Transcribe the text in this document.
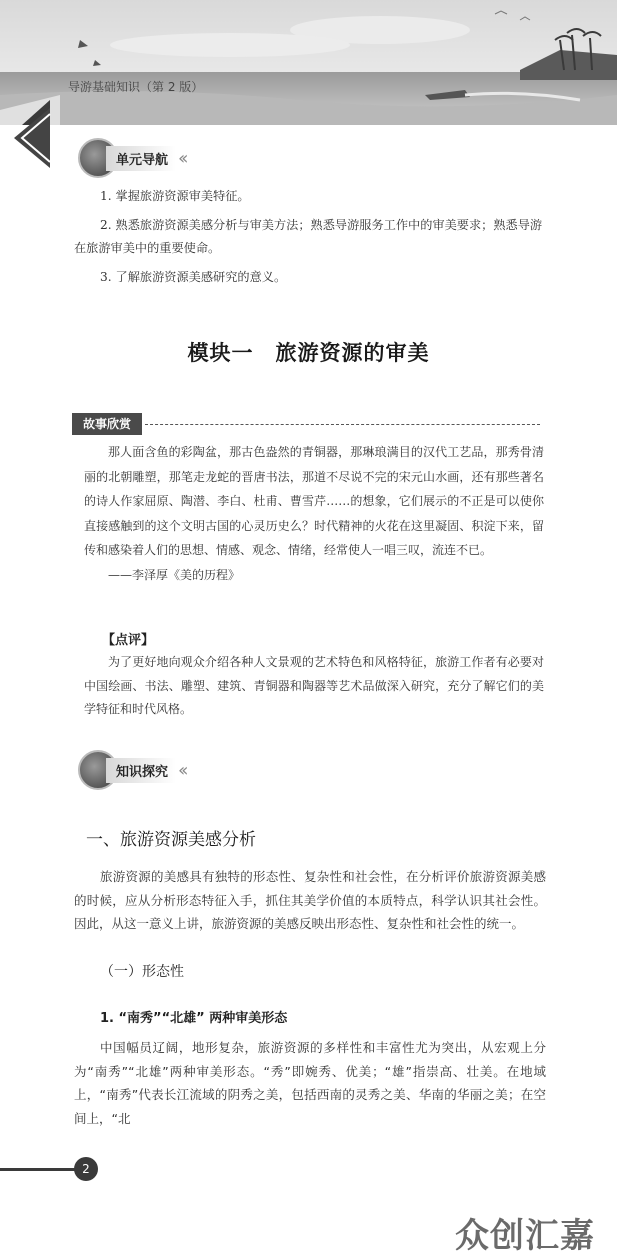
导游基础知识（第 2 版）
单元导航 ‹‹
1. 掌握旅游资源审美特征。
2. 熟悉旅游资源美感分析与审美方法；熟悉导游服务工作中的审美要求；熟悉导游在旅游审美中的重要使命。
3. 了解旅游资源美感研究的意义。
模块一　旅游资源的审美
故事欣赏
那人面含鱼的彩陶盆，那古色盎然的青铜器，那琳琅满目的汉代工艺品，那秀骨清丽的北朝雕塑，那笔走龙蛇的晋唐书法，那道不尽说不完的宋元山水画，还有那些著名的诗人作家屈原、陶潜、李白、杜甫、曹雪芹……的想象，它们展示的不正是可以使你直接感触到的这个文明古国的心灵历史么？时代精神的火花在这里凝固、积淀下来，留传和感染着人们的思想、情感、观念、情绪，经常使人一唱三叹，流连不已。
——李泽厚《美的历程》
【点评】
为了更好地向观众介绍各种人文景观的艺术特色和风格特征，旅游工作者有必要对中国绘画、书法、雕塑、建筑、青铜器和陶器等艺术品做深入研究，充分了解它们的美学特征和时代风格。
知识探究 ‹‹
一、旅游资源美感分析
旅游资源的美感具有独特的形态性、复杂性和社会性，在分析评价旅游资源美感的时候，应从分析形态特征入手，抓住其美学价值的本质特点，科学认识其社会性。因此，从这一意义上讲，旅游资源的美感反映出形态性、复杂性和社会性的统一。
（一）形态性
1. “南秀”“北雄” 两种审美形态
中国幅员辽阔，地形复杂，旅游资源的多样性和丰富性尤为突出，从宏观上分为“南秀”“北雄”两种审美形态。“秀”即婉秀、优美；“雄”指崇高、壮美。在地域上，“南秀”代表长江流域的阴秀之美，包括西南的灵秀之美、华南的华丽之美；在空间上，“北
2
众创汇嘉
